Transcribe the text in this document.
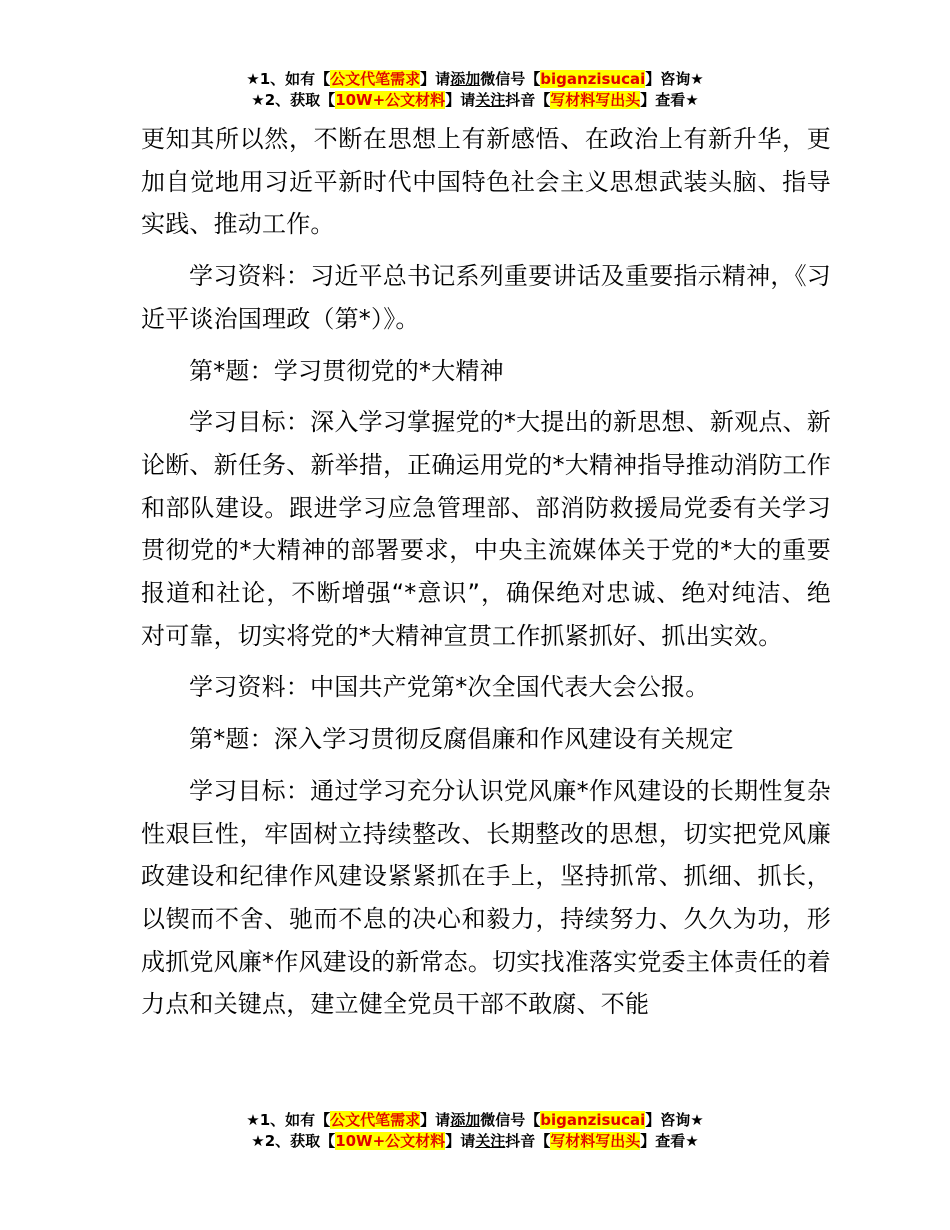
★1、如有【公文代笔需求】请添加微信号【biganzisucai】咨询★
★2、获取【10W+公文材料】请关注抖音【写材料写出头】查看★

更知其所以然，不断在思想上有新感悟、在政治上有新升华，更加自觉地用习近平新时代中国特色社会主义思想武装头脑、指导实践、推动工作。

学习资料：习近平总书记系列重要讲话及重要指示精神，《习近平谈治国理政（第*）》。

第*题：学习贯彻党的*大精神

学习目标：深入学习掌握党的*大提出的新思想、新观点、新论断、新任务、新举措，正确运用党的*大精神指导推动消防工作和部队建设。跟进学习应急管理部、部消防救援局党委有关学习贯彻党的*大精神的部署要求，中央主流媒体关于党的*大的重要报道和社论，不断增强“*意识”，确保绝对忠诚、绝对纯洁、绝对可靠，切实将党的*大精神宣贯工作抓紧抓好、抓出实效。

学习资料：中国共产党第*次全国代表大会公报。

第*题：深入学习贯彻反腐倡廉和作风建设有关规定

学习目标：通过学习充分认识党风廉*作风建设的长期性复杂性艰巨性，牢固树立持续整改、长期整改的思想，切实把党风廉政建设和纪律作风建设紧紧抓在手上，坚持抓常、抓细、抓长，以锲而不舍、驰而不息的决心和毅力，持续努力、久久为功，形成抓党风廉*作风建设的新常态。切实找准落实党委主体责任的着力点和关键点，建立健全党员干部不敢腐、不能

★1、如有【公文代笔需求】请添加微信号【biganzisucai】咨询★
★2、获取【10W+公文材料】请关注抖音【写材料写出头】查看★
